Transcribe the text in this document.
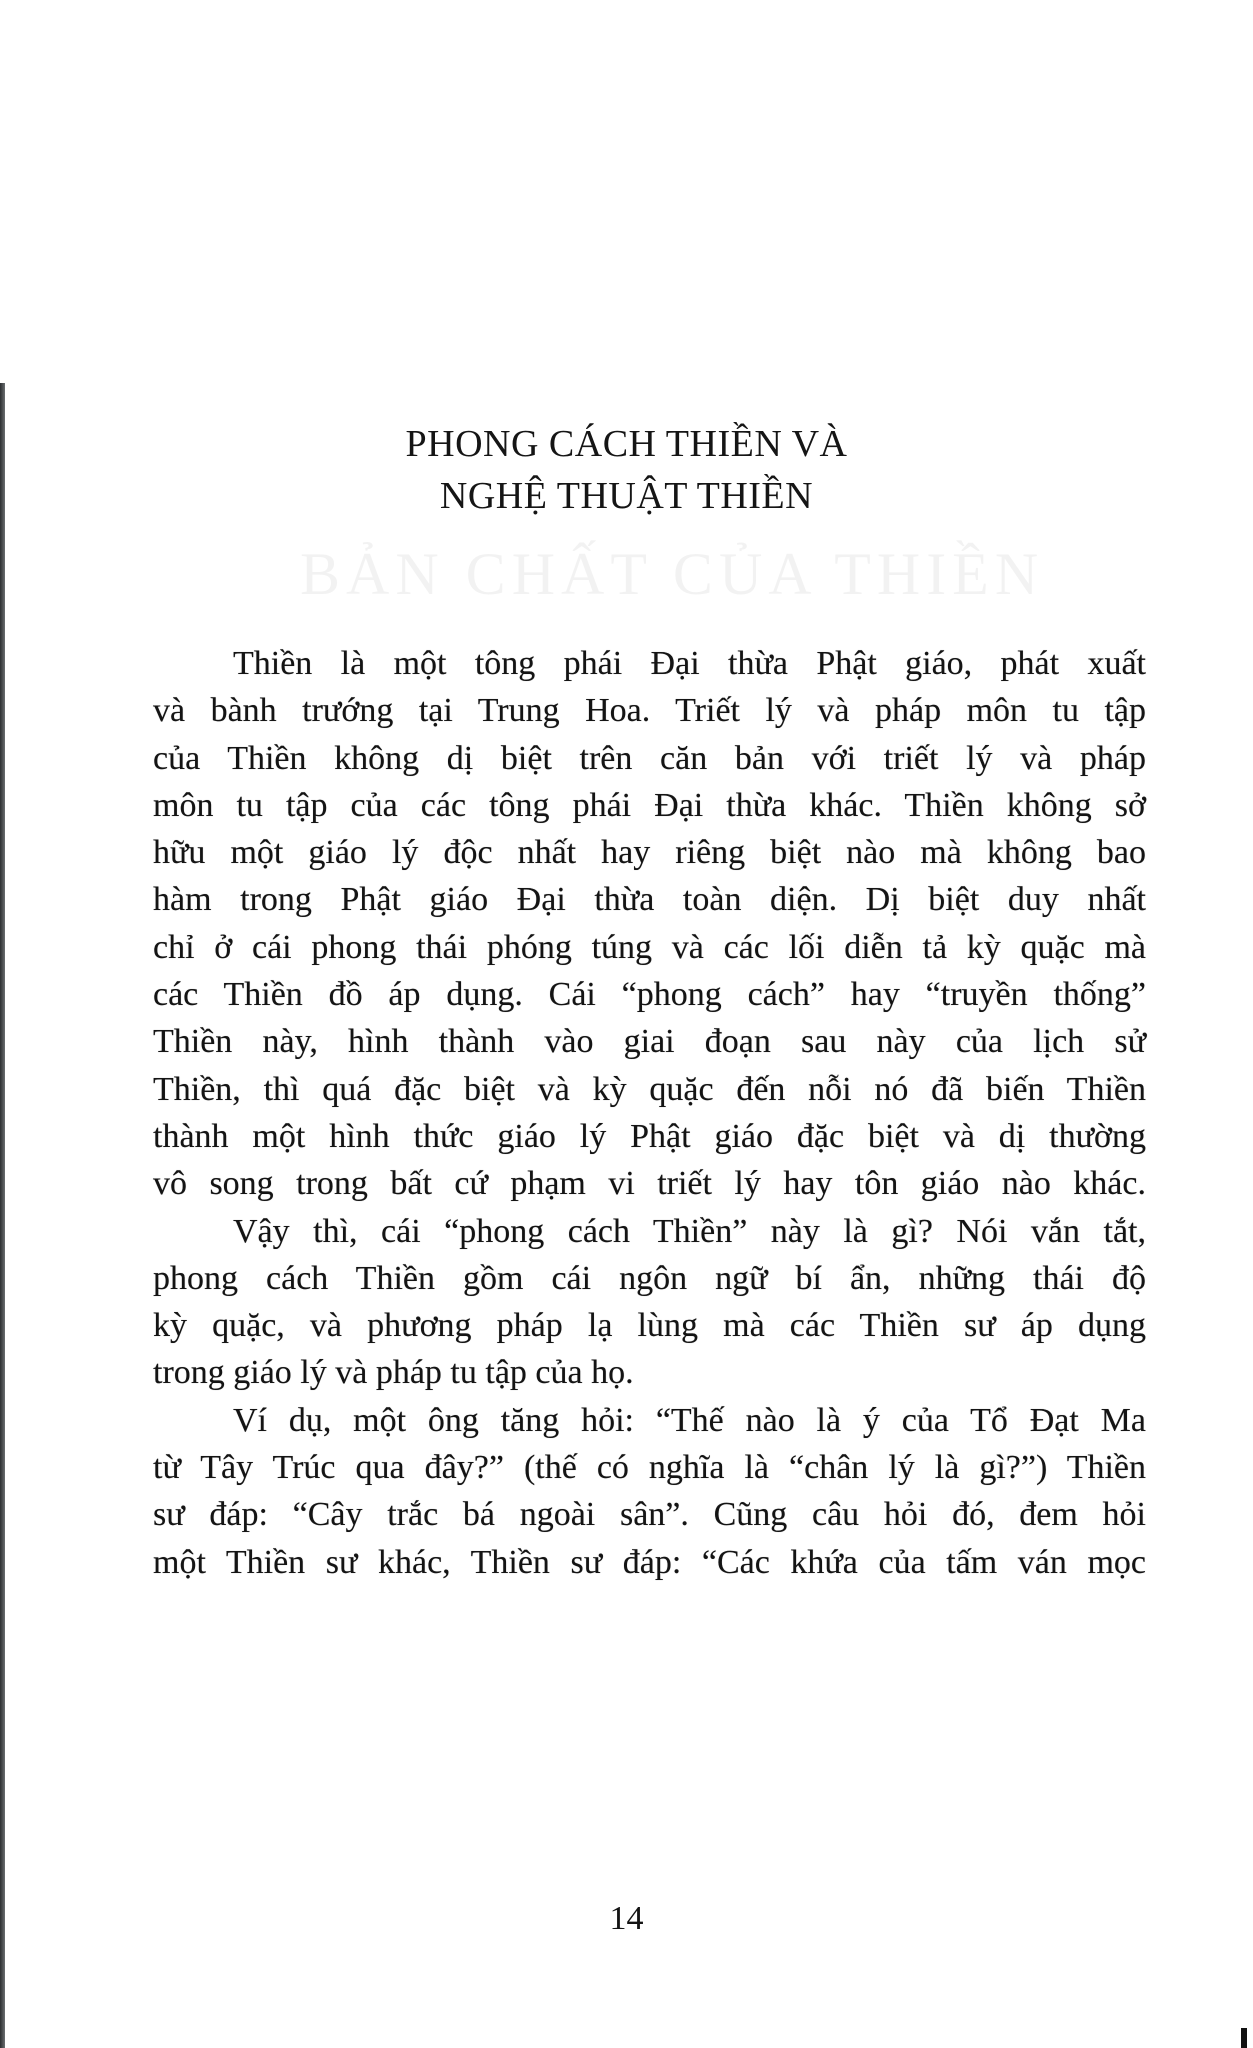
BẢN CHẤT CỦA THIỀN
PHONG CÁCH THIỀN VÀ
NGHỆ THUẬT THIỀN
Thiền là một tông phái Đại thừa Phật giáo, phát xuất
và bành trướng tại Trung Hoa. Triết lý và pháp môn tu tập
của Thiền không dị biệt trên căn bản với triết lý và pháp
môn tu tập của các tông phái Đại thừa khác. Thiền không sở
hữu một giáo lý độc nhất hay riêng biệt nào mà không bao
hàm trong Phật giáo Đại thừa toàn diện. Dị biệt duy nhất
chỉ ở cái phong thái phóng túng và các lối diễn tả kỳ quặc mà
các Thiền đồ áp dụng. Cái “phong cách” hay “truyền thống”
Thiền này, hình thành vào giai đoạn sau này của lịch sử
Thiền, thì quá đặc biệt và kỳ quặc đến nỗi nó đã biến Thiền
thành một hình thức giáo lý Phật giáo đặc biệt và dị thường
vô song trong bất cứ phạm vi triết lý hay tôn giáo nào khác.
Vậy thì, cái “phong cách Thiền” này là gì? Nói vắn tắt,
phong cách Thiền gồm cái ngôn ngữ bí ẩn, những thái độ
kỳ quặc, và phương pháp lạ lùng mà các Thiền sư áp dụng
trong giáo lý và pháp tu tập của họ.
Ví dụ, một ông tăng hỏi: “Thế nào là ý của Tổ Đạt Ma
từ Tây Trúc qua đây?” (thế có nghĩa là “chân lý là gì?”) Thiền
sư đáp: “Cây trắc bá ngoài sân”. Cũng câu hỏi đó, đem hỏi
một Thiền sư khác, Thiền sư đáp: “Các khứa của tấm ván mọc
14
